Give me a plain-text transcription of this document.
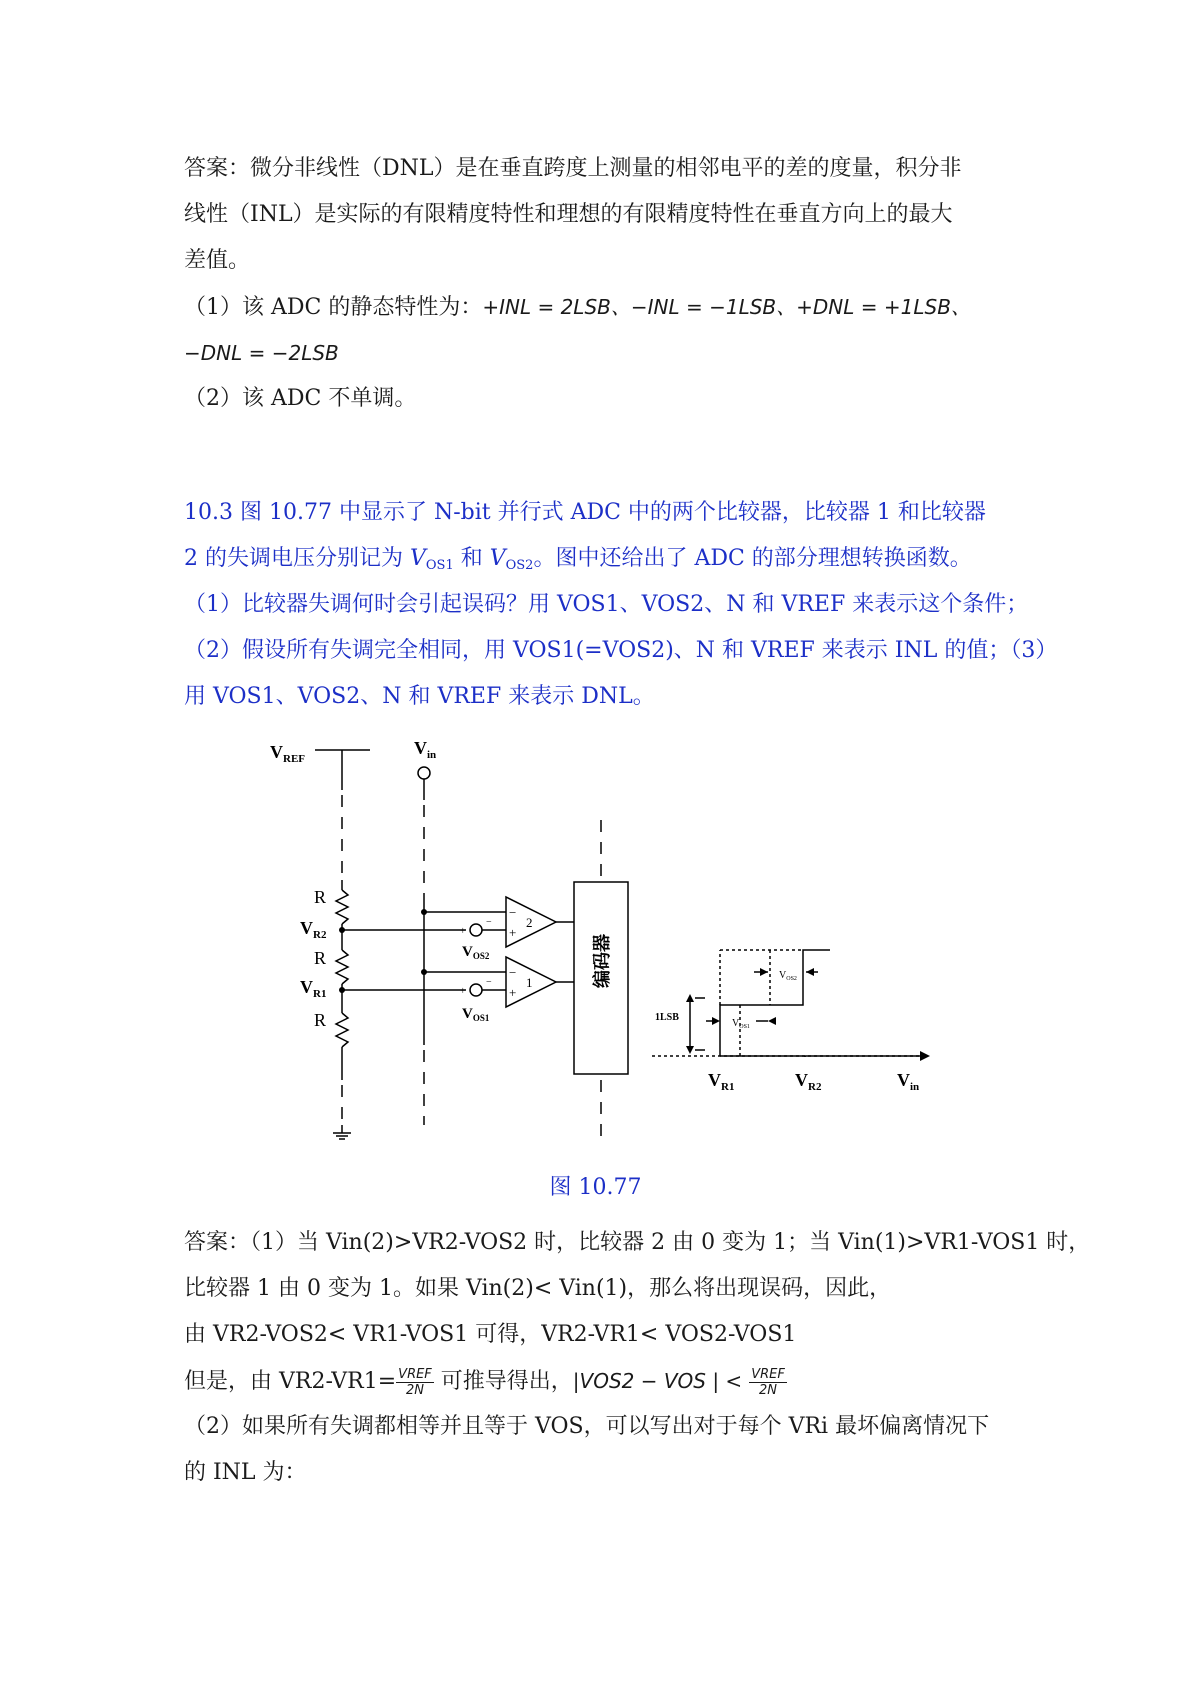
答案：微分非线性（DNL）是在垂直跨度上测量的相邻电平的差的度量，积分非
线性（INL）是实际的有限精度特性和理想的有限精度特性在垂直方向上的最大
差值。
（1）该 ADC 的静态特性为：+INL = 2LSB、−INL = −1LSB、+DNL = +1LSB、
−DNL = −2LSB
（2）该 ADC 不单调。
10.3 图 10.77 中显示了 N-bit 并行式 ADC 中的两个比较器，比较器 1 和比较器
2 的失调电压分别记为 $V_{OS1}$ 和 $V_{OS2}$。图中还给出了 ADC 的部分理想转换函数。
（1）比较器失调何时会引起误码？用 VOS1、VOS2、N 和 VREF 来表示这个条件；
（2）假设所有失调完全相同，用 VOS1(=VOS2)、N 和 VREF 来表示 INL 的值；（3）
用 VOS1、VOS2、N 和 VREF 来表示 DNL。
$V_{REF}$
$V_{in}$
$V_{R2}$
$V_{R1}$
$V_{OS2}$
$V_{OS1}$
$V_{R1}$	$V_{R2}$	$V_{in}$
1LSB
$V_{OS2}$
$V_{OS1}$
R
R
R
2
1
−
+
−
+
+
−
+
−	编码器
图 10.77
答案：（1）当 Vin(2)>VR2-VOS2 时，比较器 2 由 0 变为 1；当 Vin(1)>VR1-VOS1 时，
比较器 1 由 0 变为 1。如果 Vin(2)< Vin(1)，那么将出现误码，因此，
由 VR2-VOS2< VR1-VOS1 可得，VR2-VR1< VOS2-VOS1
但是，由 $VR2-VR1= \frac{\text{VREF}}{2N}$ 可推导得出，|VOS2 − VOS | < $\frac{\text{VREF}}{2N}$
（2）如果所有失调都相等并且等于 VOS，可以写出对于每个 VRi 最坏偏离情况下
的 INL 为：
